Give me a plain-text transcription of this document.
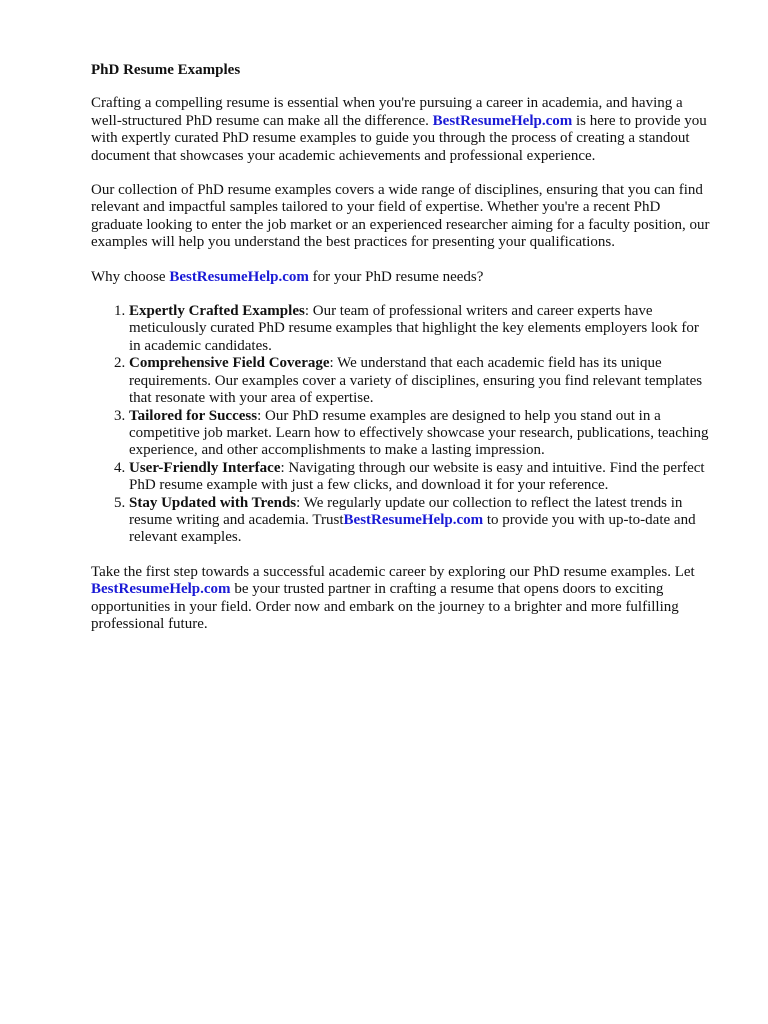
PhD Resume Examples

Crafting a compelling resume is essential when you're pursuing a career in academia, and having a well-structured PhD resume can make all the difference. BestResumeHelp.com is here to provide you with expertly curated PhD resume examples to guide you through the process of creating a standout document that showcases your academic achievements and professional experience.

Our collection of PhD resume examples covers a wide range of disciplines, ensuring that you can find relevant and impactful samples tailored to your field of expertise. Whether you're a recent PhD graduate looking to enter the job market or an experienced researcher aiming for a faculty position, our examples will help you understand the best practices for presenting your qualifications.

Why choose BestResumeHelp.com for your PhD resume needs?

1. Expertly Crafted Examples: Our team of professional writers and career experts have meticulously curated PhD resume examples that highlight the key elements employers look for in academic candidates.
2. Comprehensive Field Coverage: We understand that each academic field has its unique requirements. Our examples cover a variety of disciplines, ensuring you find relevant templates that resonate with your area of expertise.
3. Tailored for Success: Our PhD resume examples are designed to help you stand out in a competitive job market. Learn how to effectively showcase your research, publications, teaching experience, and other accomplishments to make a lasting impression.
4. User-Friendly Interface: Navigating through our website is easy and intuitive. Find the perfect PhD resume example with just a few clicks, and download it for your reference.
5. Stay Updated with Trends: We regularly update our collection to reflect the latest trends in resume writing and academia. TrustBestResumeHelp.com to provide you with up-to-date and relevant examples.

Take the first step towards a successful academic career by exploring our PhD resume examples. Let BestResumeHelp.com be your trusted partner in crafting a resume that opens doors to exciting opportunities in your field. Order now and embark on the journey to a brighter and more fulfilling professional future.
